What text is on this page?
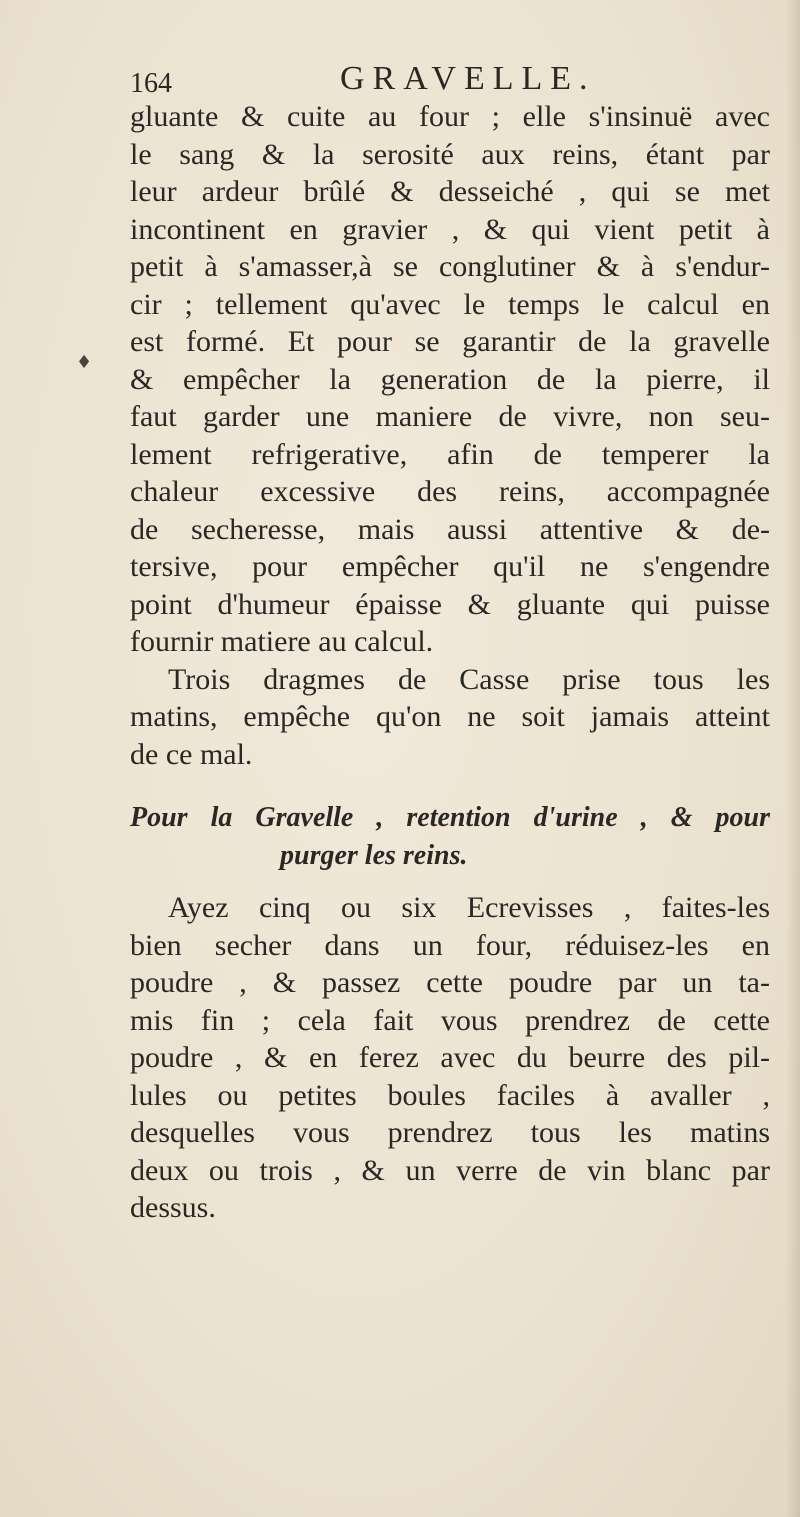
164	GRAVELLE.
♦
gluante & cuite au four ; elle s'insinuë avec
le sang & la serosité aux reins, étant par
leur ardeur brûlé & desseiché , qui se met
incontinent en gravier , & qui vient petit à
petit à s'amasser,à se conglutiner & à s'endur-
cir ; tellement qu'avec le temps le calcul en
est formé. Et pour se garantir de la gravelle
& empêcher la generation de la pierre, il
faut garder une maniere de vivre, non seu-
lement refrigerative, afin de temperer la
chaleur excessive des reins, accompagnée
de secheresse, mais aussi attentive & de-
tersive, pour empêcher qu'il ne s'engendre
point d'humeur épaisse & gluante qui puisse
fournir matiere au calcul.
Trois dragmes de Casse prise tous les
matins, empêche qu'on ne soit jamais atteint
de ce mal.
Pour la Gravelle , retention d'urine , & pour
purger les reins.
Ayez cinq ou six Ecrevisses , faites-les
bien secher dans un four, réduisez-les en
poudre , & passez cette poudre par un ta-
mis fin ; cela fait vous prendrez de cette
poudre , & en ferez avec du beurre des pil-
lules ou petites boules faciles à avaller ,
desquelles vous prendrez tous les matins
deux ou trois , & un verre de vin blanc par
dessus.
